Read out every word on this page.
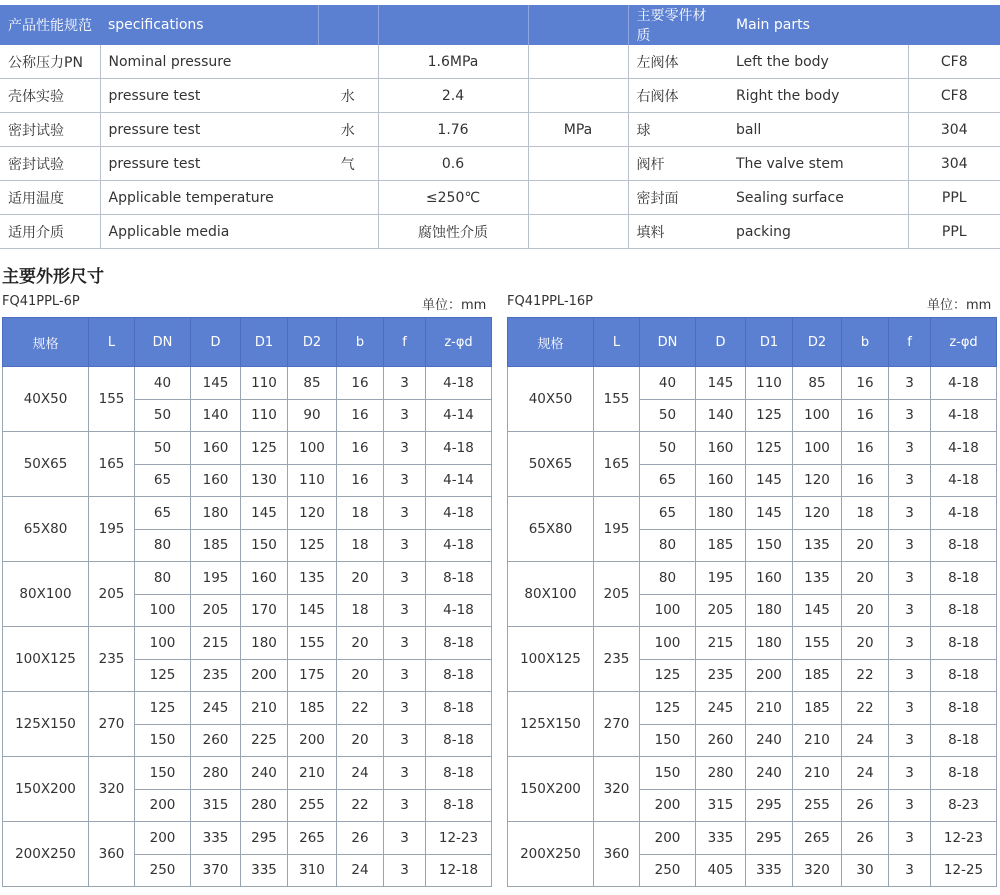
产品性能规范	specifications				主要零件材质	Main parts	
公称压力PN	Nominal pressure		1.6MPa		左阀体	Left the body	CF8
壳体实验	pressure test	水	2.4		右阀体	Right the body	CF8
密封试验	pressure test	水	1.76	MPa	球	ball	304
密封试验	pressure test	气	0.6		阀杆	The valve stem	304
适用温度	Applicable temperature		≤250℃		密封面	Sealing surface	PPL
适用介质	Applicable media		腐蚀性介质		填料	packing	PPL
主要外形尺寸
FQ41PPL-6P	单位：mm FQ41PPL-16P	单位：mm
规格	L	DN	D	D1	D2	b	f	z-φd
40X50	155	40	145	110	85	16	3	4-18
		50	140	110	90	16	3	4-14
50X65	165	50	160	125	100	16	3	4-18
		65	160	130	110	16	3	4-14
65X80	195	65	180	145	120	18	3	4-18
		80	185	150	125	18	3	4-18
80X100	205	80	195	160	135	20	3	8-18
		100	205	170	145	18	3	4-18
100X125	235	100	215	180	155	20	3	8-18
		125	235	200	175	20	3	8-18
125X150	270	125	245	210	185	22	3	8-18
		150	260	225	200	20	3	8-18
150X200	320	150	280	240	210	24	3	8-18
		200	315	280	255	22	3	8-18
200X250	360	200	335	295	265	26	3	12-23
		250	370	335	310	24	3	12-18
规格	L	DN	D	D1	D2	b	f	z-φd
40X50	155	40	145	110	85	16	3	4-18
		50	140	125	100	16	3	4-18
50X65	165	50	160	125	100	16	3	4-18
		65	160	145	120	16	3	4-18
65X80	195	65	180	145	120	18	3	4-18
		80	185	150	135	20	3	8-18
80X100	205	80	195	160	135	20	3	8-18
		100	205	180	145	20	3	8-18
100X125	235	100	215	180	155	20	3	8-18
		125	235	200	185	22	3	8-18
125X150	270	125	245	210	185	22	3	8-18
		150	260	240	210	24	3	8-18
150X200	320	150	280	240	210	24	3	8-18
		200	315	295	255	26	3	8-23
200X250	360	200	335	295	265	26	3	12-23
		250	405	335	320	30	3	12-25
